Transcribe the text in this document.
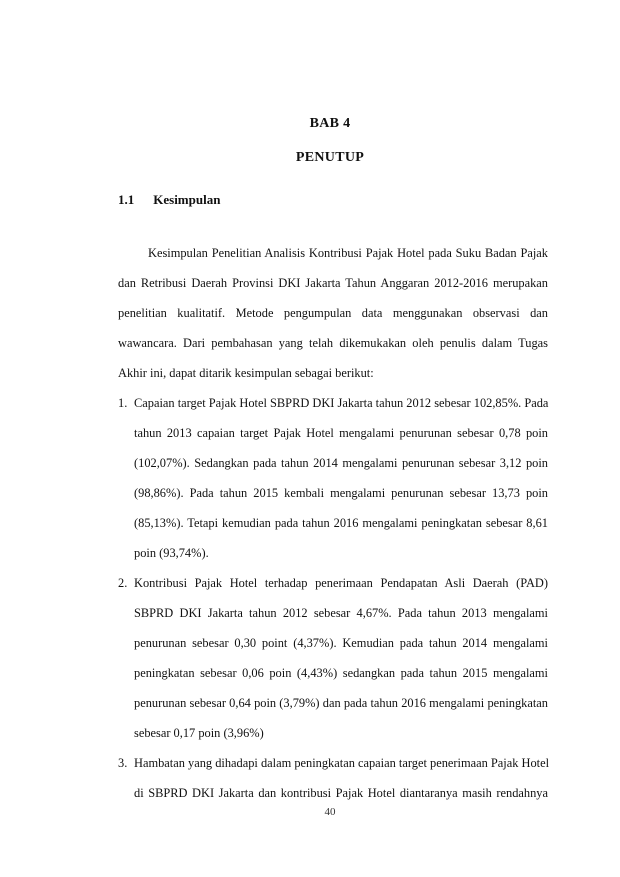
BAB 4
PENUTUP
1.1 Kesimpulan
Kesimpulan Penelitian Analisis Kontribusi Pajak Hotel pada Suku Badan Pajak
dan Retribusi Daerah Provinsi DKI Jakarta Tahun Anggaran 2012-2016 merupakan
penelitian kualitatif. Metode pengumpulan data menggunakan observasi dan
wawancara. Dari pembahasan yang telah dikemukakan oleh penulis dalam Tugas
Akhir ini, dapat ditarik kesimpulan sebagai berikut:
1. Capaian target Pajak Hotel SBPRD DKI Jakarta tahun 2012 sebesar 102,85%. Pada
tahun 2013 capaian target Pajak Hotel mengalami penurunan sebesar 0,78 poin
(102,07%). Sedangkan pada tahun 2014 mengalami penurunan sebesar 3,12 poin
(98,86%). Pada tahun 2015 kembali mengalami penurunan sebesar 13,73 poin
(85,13%). Tetapi kemudian pada tahun 2016 mengalami peningkatan sebesar 8,61
poin (93,74%).
2. Kontribusi Pajak Hotel terhadap penerimaan Pendapatan Asli Daerah (PAD)
SBPRD DKI Jakarta tahun 2012 sebesar 4,67%. Pada tahun 2013 mengalami
penurunan sebesar 0,30 point (4,37%). Kemudian pada tahun 2014 mengalami
peningkatan sebesar 0,06 poin (4,43%) sedangkan pada tahun 2015 mengalami
penurunan sebesar 0,64 poin (3,79%) dan pada tahun 2016 mengalami peningkatan
sebesar 0,17 poin (3,96%)
3. Hambatan yang dihadapi dalam peningkatan capaian target penerimaan Pajak Hotel
di SBPRD DKI Jakarta dan kontribusi Pajak Hotel diantaranya masih rendahnya
40
